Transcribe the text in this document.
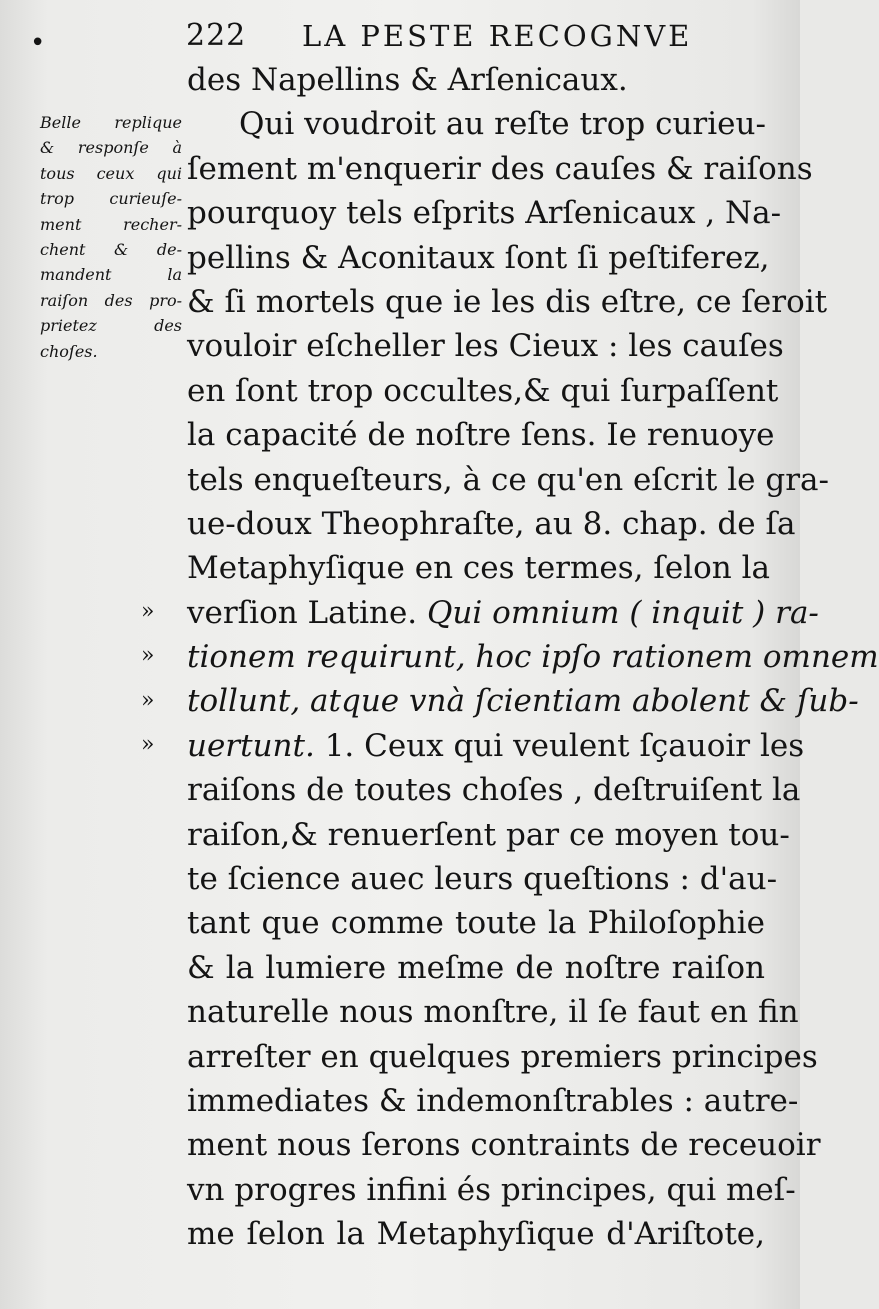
•	222 LA PESTE RECOGNVE
Belle replique
& responſe à
tous ceux qui
trop curieuſe-
ment recher-
chent & de-
mandent la
raiſon des pro-
prietez des
choſes.
»
»
»
»
des Napellins & Arſenicaux.
Qui voudroit au reſte trop curieu-
ſement m'enquerir des cauſes & raiſons
pourquoy tels eſprits Arſenicaux , Na-
pellins & Aconitaux ſont ſi peſtiferez,
& ſi mortels que ie les dis eſtre, ce ſeroit
vouloir eſcheller les Cieux : les cauſes
en ſont trop occultes,& qui ſurpaſſent
la capacité de noſtre ſens. Ie renuoye
tels enqueſteurs, à ce qu'en eſcrit le gra-
ue-doux Theophraſte, au 8. chap. de ſa
Metaphyſique en ces termes, ſelon la
verſion Latine. Qui omnium ( inquit ) ra-
tionem requirunt, hoc ipſo rationem omnem
tollunt, atque vnà ſcientiam abolent & ſub-
uertunt. 1. Ceux qui veulent ſçauoir les
raiſons de toutes choſes , deſtruiſent la
raiſon,& renuerſent par ce moyen tou-
te ſcience auec leurs queſtions : d'au-
tant que comme toute la Philoſophie
& la lumiere meſme de noſtre raiſon
naturelle nous monſtre, il ſe faut en fin
arreſter en quelques premiers principes
immediates & indemonſtrables : autre-
ment nous ſerons contraints de receuoir
vn progres infini és principes, qui meſ-
me ſelon la Metaphyſique d'Ariſtote,
